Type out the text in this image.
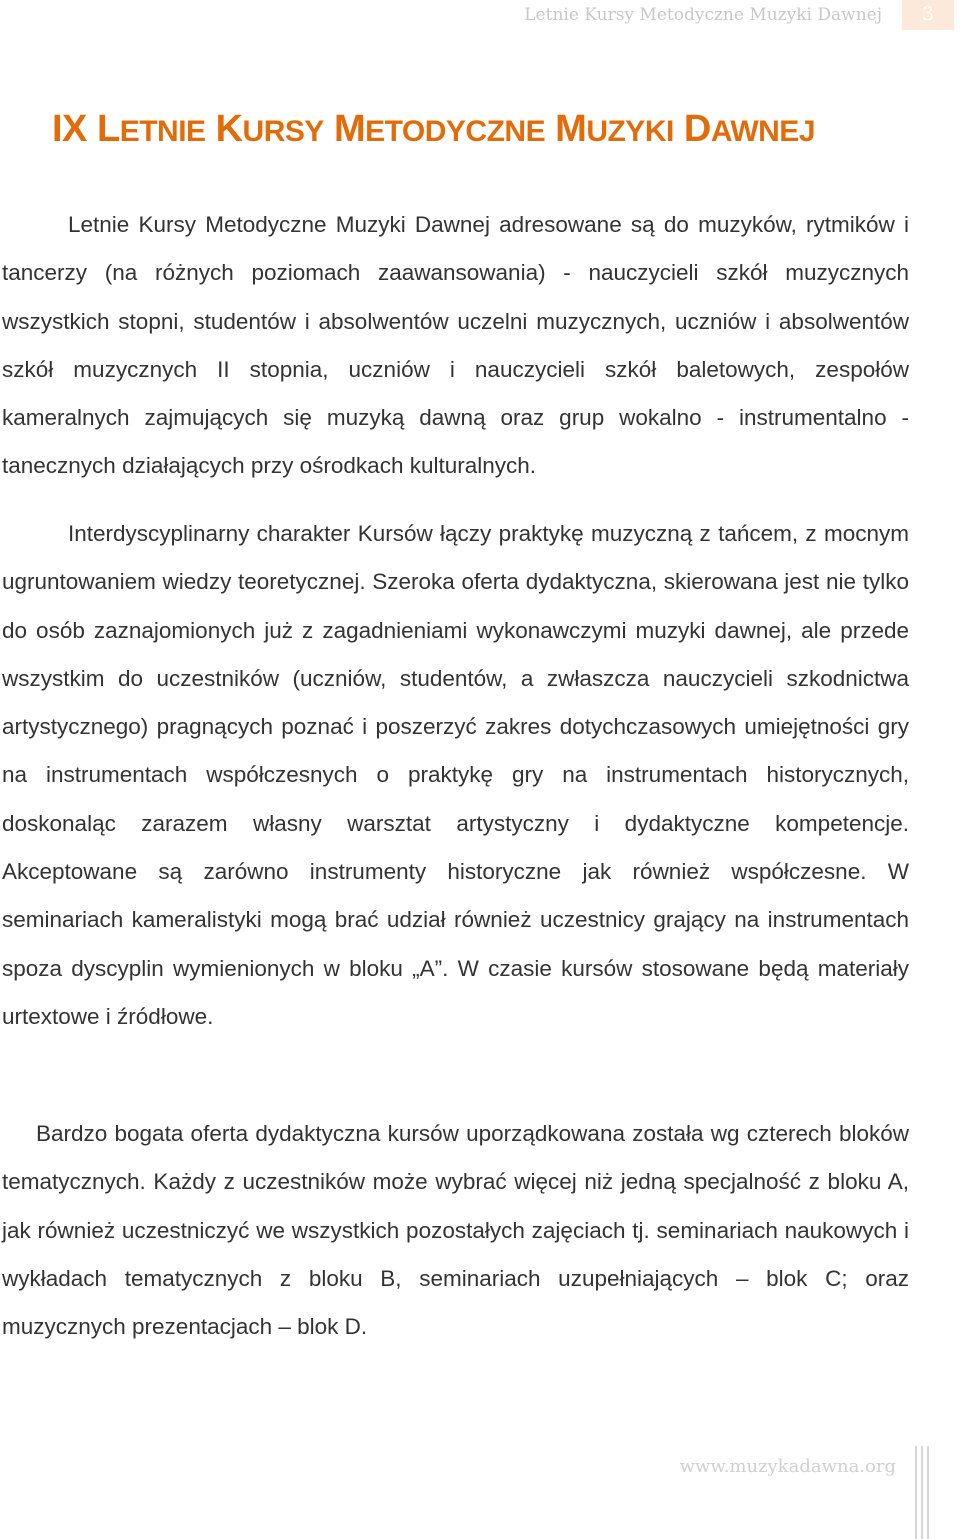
Letnie Kursy Metodyczne Muzyki Dawnej	3
IX LETNIE KURSY METODYCZNE MUZYKI DAWNEJ

Letnie Kursy Metodyczne Muzyki Dawnej adresowane są do muzyków, rytmików i tancerzy (na różnych poziomach zaawansowania) - nauczycieli szkół muzycznych wszystkich stopni, studentów i absolwentów uczelni muzycznych, uczniów i absolwentów szkół muzycznych II stopnia, uczniów i nauczycieli szkół baletowych, zespołów kameralnych zajmujących się muzyką dawną oraz grup wokalno - instrumentalno - tanecznych działających przy ośrodkach kulturalnych.

Interdyscyplinarny charakter Kursów łączy praktykę muzyczną z tańcem, z mocnym ugruntowaniem wiedzy teoretycznej. Szeroka oferta dydaktyczna, skierowana jest nie tylko do osób zaznajomionych już z zagadnieniami wykonawczymi muzyki dawnej, ale przede wszystkim do uczestników (uczniów, studentów, a zwłaszcza nauczycieli szkodnictwa artystycznego) pragnących poznać i poszerzyć zakres dotychczasowych umiejętności gry na instrumentach współczesnych o praktykę gry na instrumentach historycznych, doskonaląc zarazem własny warsztat artystyczny i dydaktyczne kompetencje. Akceptowane są zarówno instrumenty historyczne jak również współczesne. W seminariach kameralistyki mogą brać udział również uczestnicy grający na instrumentach spoza dyscyplin wymienionych w bloku „A”. W czasie kursów stosowane będą materiały urtextowe i źródłowe.

Bardzo bogata oferta dydaktyczna kursów uporządkowana została wg czterech bloków tematycznych. Każdy z uczestników może wybrać więcej niż jedną specjalność z bloku A, jak również uczestniczyć we wszystkich pozostałych zajęciach tj. seminariach naukowych i wykładach tematycznych z bloku B, seminariach uzupełniających – blok C; oraz muzycznych prezentacjach – blok D.

www.muzykadawna.org
